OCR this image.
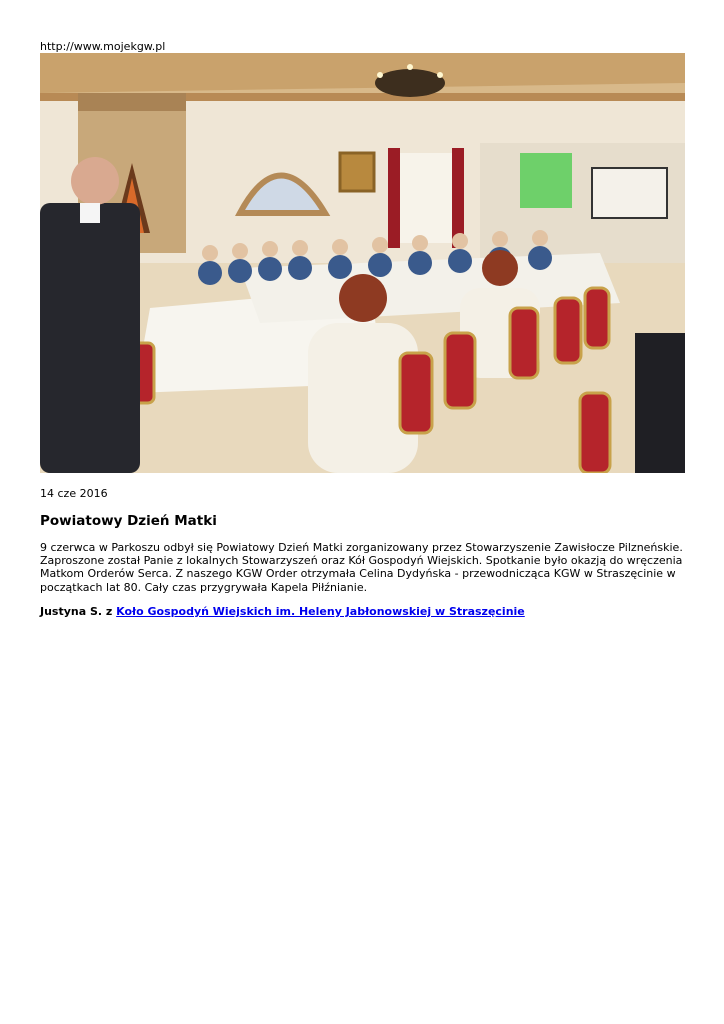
http://www.mojekgw.pl
14 cze 2016
Powiatowy Dzień Matki

9 czerwca w Parkoszu odbył się Powiatowy Dzień Matki zorganizowany przez Stowarzyszenie Zawisłocze Pilzneńskie. Zaproszone został Panie z lokalnych Stowarzyszeń oraz Kół Gospodyń Wiejskich. Spotkanie było okazją do wręczenia Matkom Orderów Serca. Z naszego KGW Order otrzymała Celina Dydyńska - przewodnicząca KGW w Straszęcinie w początkach lat 80. Cały czas przygrywała Kapela Piłźnianie.

Justyna S. z Koło Gospodyń Wiejskich im. Heleny Jabłonowskiej w Straszęcinie
